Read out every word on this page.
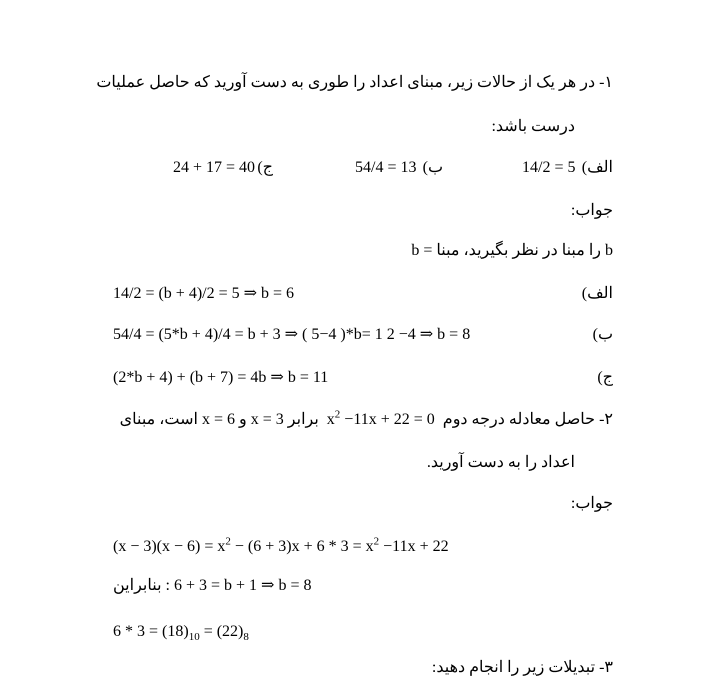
۱- در هر یک از حالات زیر، مبنای اعداد را طوری به دست آورید که حاصل عملیات
درست باشد:
الف)
14/2 = 5
ب)
54/4 = 13
ج)
24 + 17 = 40
جواب:
b را مبنا در نظر بگیرید، مبنا = b
الف)
14/2 = (b + 4)/2 = 5 ⇒ b = 6
ب)
54/4 = (5*b + 4)/4 = b + 3 ⇒ ( 5−4 )*b= 1 2 −4 ⇒ b = 8
ج)
(2*b + 4) + (b + 7) = 4b ⇒ b = 11
۲- حاصل معادله درجه دوم  $x^2 -11x + 22 = 0$  برابر x = 3 و x = 6 است، مبنای
اعداد را به دست آورید.
جواب:
$(x - 3)(x - 6) = x^2 - (6 + 3)x + 6 * 3 = x^2 -11x + 22$
: بنابراین 6 + 3 = b + 1 ⇒ b = 8
$6 * 3 = (18)_{10} = (22)_8$
۳- تبدیلات زیر را انجام دهید:
